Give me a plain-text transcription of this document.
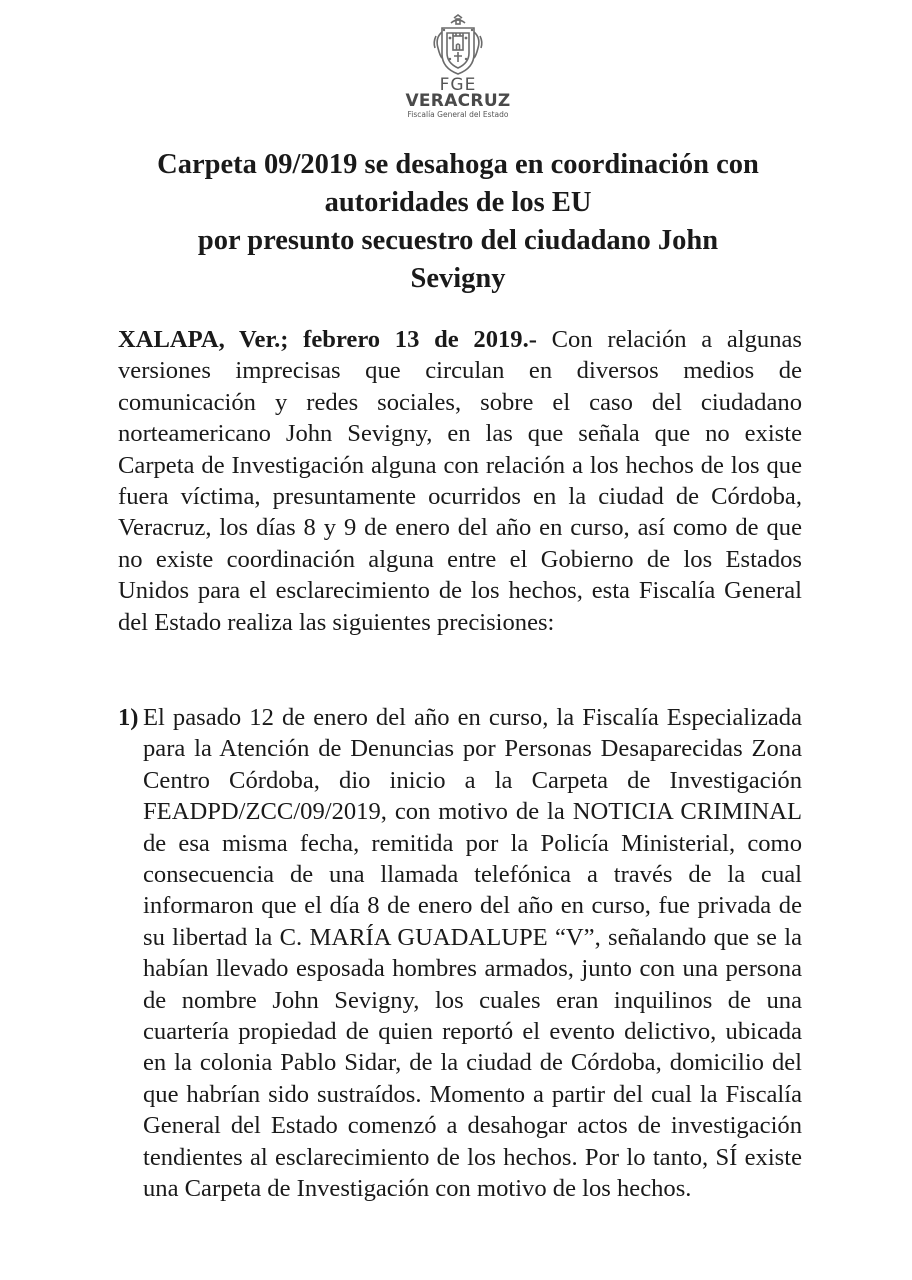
FGE
VERACRUZ
Fiscalía General del Estado
Carpeta 09/2019 se desahoga en coordinación con
autoridades de los EU
por presunto secuestro del ciudadano John
Sevigny

XALAPA, Ver.; febrero 13 de 2019.- Con relación a algunas versiones imprecisas que circulan en diversos medios de comunicación y redes sociales, sobre el caso del ciudadano norteamericano John Sevigny, en las que señala que no existe Carpeta de Investigación alguna con relación a los hechos de los que fuera víctima, presuntamente ocurridos en la ciudad de Córdoba, Veracruz, los días 8 y 9 de enero del año en curso, así como de que no existe coordinación alguna entre el Gobierno de los Estados Unidos para el esclarecimiento de los hechos, esta Fiscalía General del Estado realiza las siguientes precisiones:

1) El pasado 12 de enero del año en curso, la Fiscalía Especializada para la Atención de Denuncias por Personas Desaparecidas Zona Centro Córdoba, dio inicio a la Carpeta de Investigación FEADPD/ZCC/09/2019, con motivo de la NOTICIA CRIMINAL de esa misma fecha, remitida por la Policía Ministerial, como consecuencia de una llamada telefónica a través de la cual informaron que el día 8 de enero del año en curso, fue privada de su libertad la C. MARÍA GUADALUPE “V”, señalando que se la habían llevado esposada hombres armados, junto con una persona de nombre John Sevigny, los cuales eran inquilinos de una cuartería propiedad de quien reportó el evento delictivo, ubicada en la colonia Pablo Sidar, de la ciudad de Córdoba, domicilio del que habrían sido sustraídos. Momento a partir del cual la Fiscalía General del Estado comenzó a desahogar actos de investigación tendientes al esclarecimiento de los hechos. Por lo tanto, SÍ existe una Carpeta de Investigación con motivo de los hechos.
